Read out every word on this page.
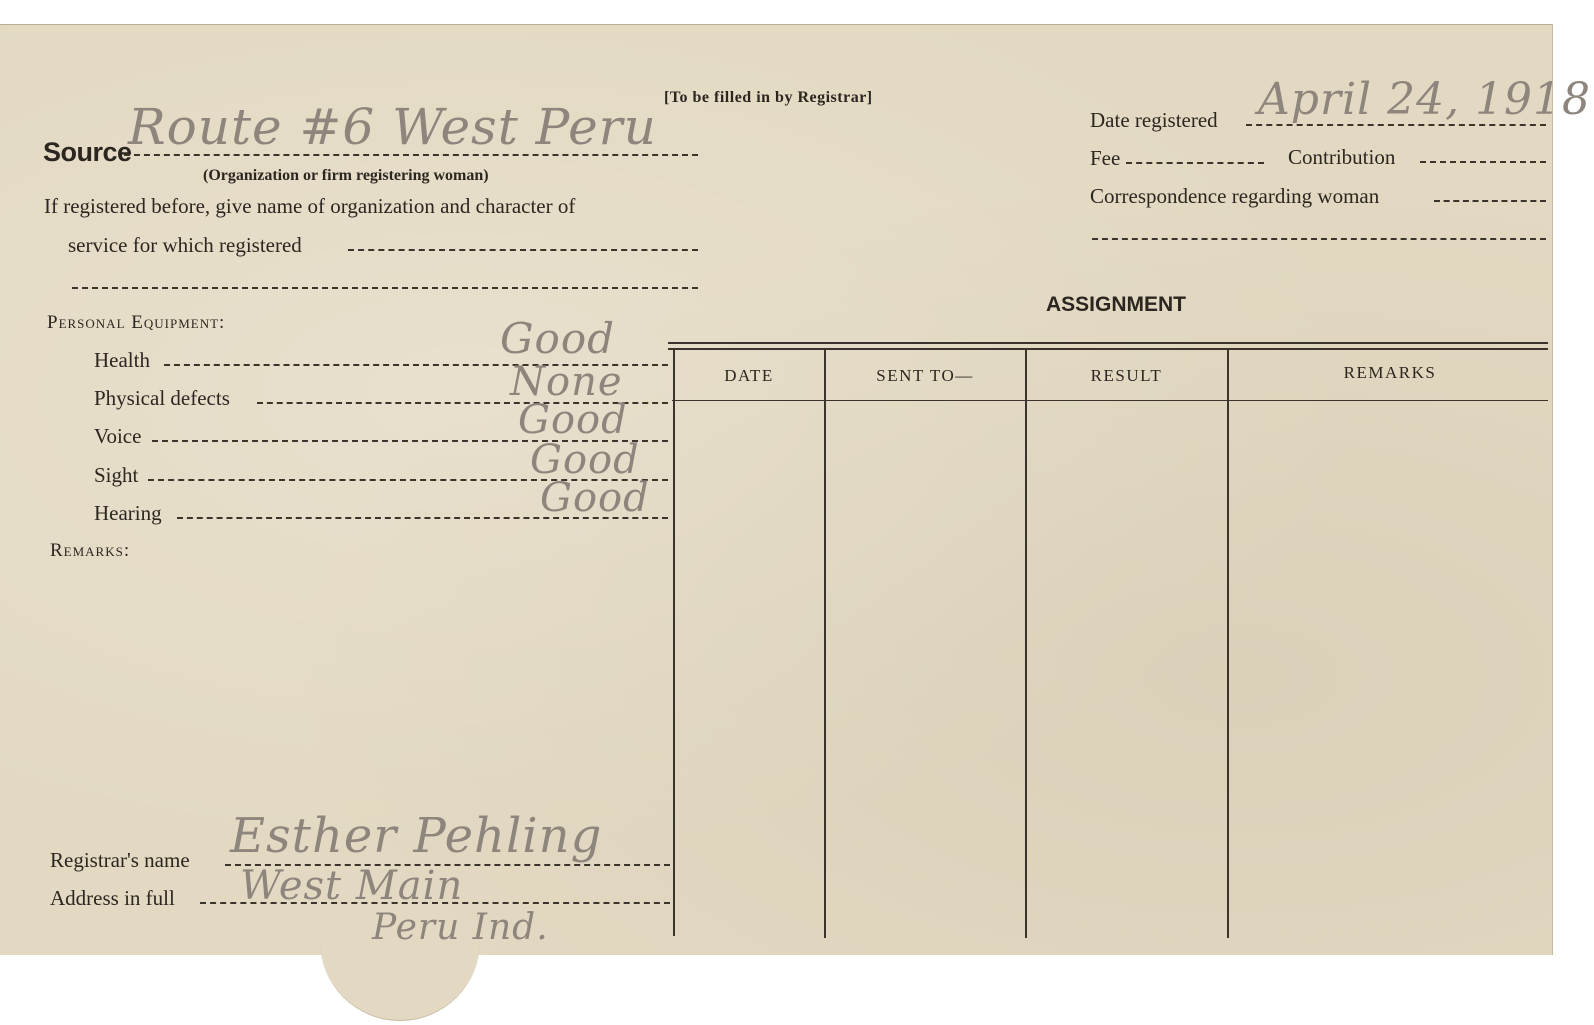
[To be filled in by Registrar]
Source
Route #6 West Peru
(Organization or firm registering woman)
If registered before, give name of organization and character of
service for which registered
Date registered April 24, 1918
Fee	Contribution
Correspondence regarding woman
Personal Equipment:
Health	Good
Physical defects	None
Voice	Good
Sight	Good
Hearing	Good
Remarks:
ASSIGNMENT
DATE	SENT TO—	RESULT	REMARKS
Registrar's name Esther Pehling
Address in full West Main
Peru Ind.
